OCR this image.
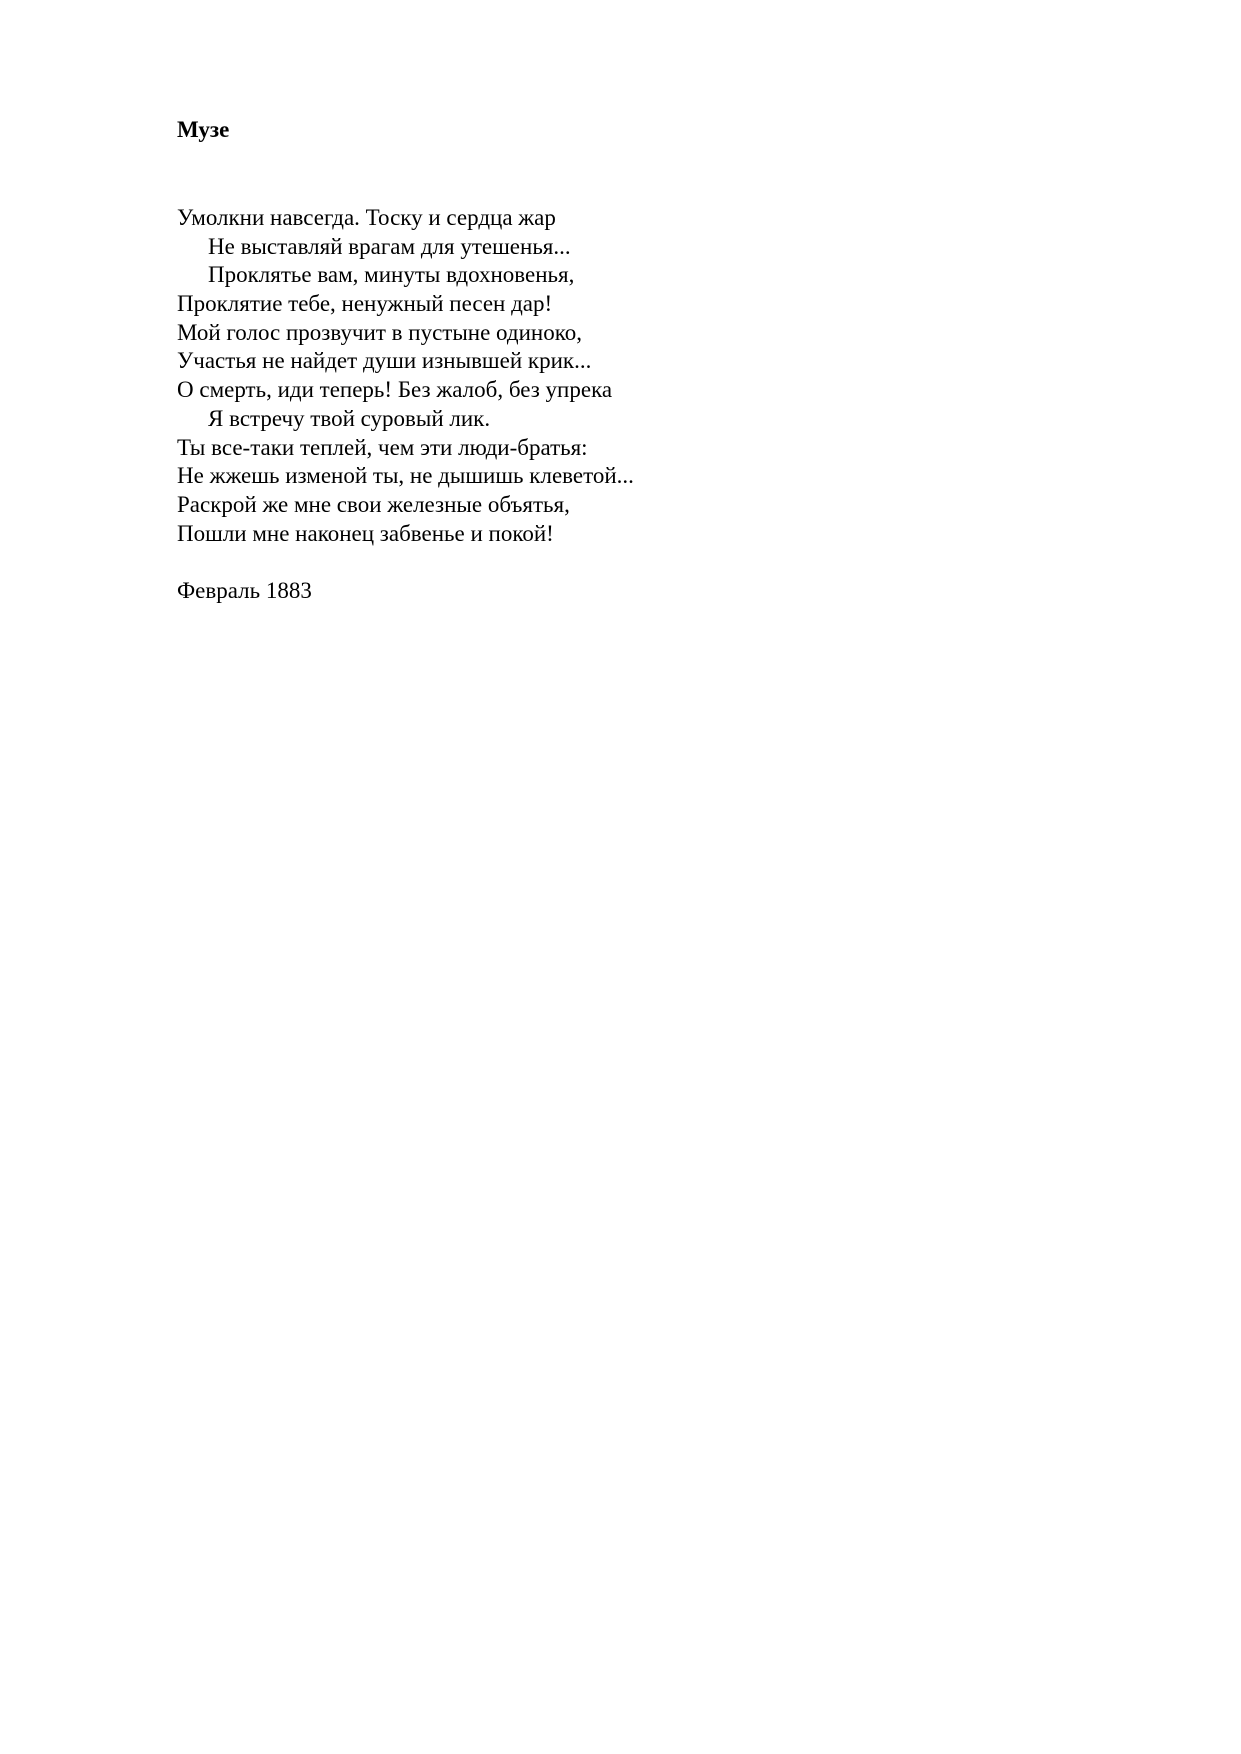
Музе
Умолкни навсегда. Тоску и сердца жар
Не выставляй врагам для утешенья...
Проклятье вам, минуты вдохновенья,
Проклятие тебе, ненужный песен дар!
Мой голос прозвучит в пустыне одиноко,
Участья не найдет души изнывшей крик...
О смерть, иди теперь! Без жалоб, без упрека
Я встречу твой суровый лик.
Ты все-таки теплей, чем эти люди-братья:
Не жжешь изменой ты, не дышишь клеветой...
Раскрой же мне свои железные объятья,
Пошли мне наконец забвенье и покой!

Февраль 1883
